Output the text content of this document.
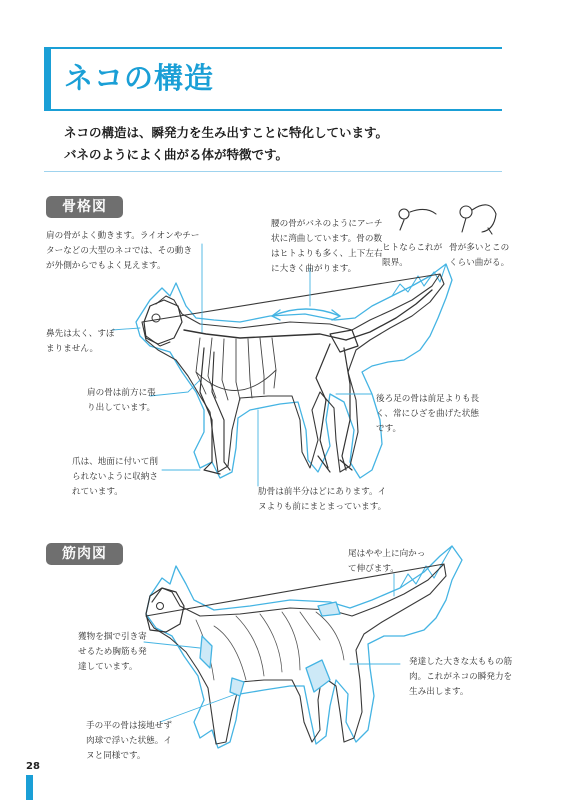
ネコの構造
ネコの構造は、瞬発力を生み出すことに特化しています。
バネのようによく曲がる体が特徴です。
骨格図
肩の骨がよく動きます。ライオンやチー
ターなどの大型のネコでは、その動き
が外側からでもよく見えます。
腰の骨がバネのようにアーチ
状に湾曲しています。骨の数
はヒトよりも多く、上下左右
に大きく曲がります。
ヒトならこれが
限界。
骨が多いとこの
くらい曲がる。
鼻先は太く、すぼ
まりません。
肩の骨は前方に張
り出しています。
後ろ足の骨は前足よりも長
く、常にひざを曲げた状態
です。
爪は、地面に付いて削
られないように収納さ
れています。	肋骨は前半分はどにあります。イ
ヌよりも前にまとまっています。
筋肉図	尾はやや上に向かっ
て伸びます。
獲物を掴で引き寄
せるため胸筋も発
達しています。	発達した大きな太ももの筋
肉。これがネコの瞬発力を
生み出します。
手の平の骨は接地せず
肉球で浮いた状態。イ
ヌと同様です。
28
